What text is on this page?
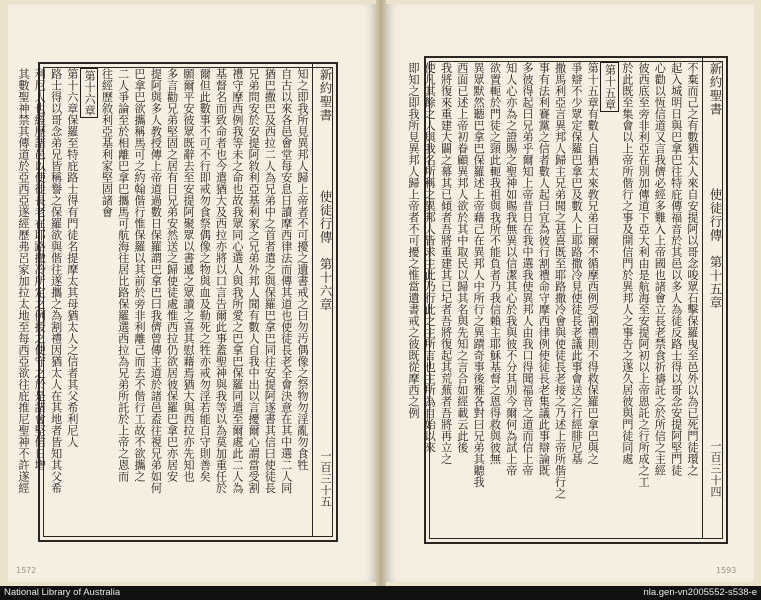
新約聖書
使徒行傳　第十六章
一百三十五
知之即我所見異邦人歸上帝者不可擾之遺書戒之曰勿汚偶像之祭物勿淫亂勿食牲
自古以來各邑會堂每安息日讀摩西律法而傳其道也使徒長老全會決意在其中選二人同
猶巴撒巴及西拉二人為兄弟中之首者遣之與保羅巴拿巴同往安提阿遂書其信曰使徒長
兄弟問安於安提阿敘利亞基利家之兄弟外邦人聞有數人自我中出以言擾爾心謂當受割
禮守摩西例我等未之命也故我眾同心選人與我所愛之巴拿巴保羅同遣至爾處此二人為
基督名而致命者也今遣猶大及西拉亦將以口言告爾此事蓋聖神與我等以為莫加重任於
爾但此數事不可不行即戒勿食祭偶像之物與血及勒死之牲亦戒勿淫若能自守則善矣
願爾平安彼眾既辭去至安提阿聚眾以書遞之眾讀之喜其慰藉焉猶大與西拉亦先知也
多言勸兄弟堅固之居有日兄弟安然送之歸使徒處惟西拉仍欲居彼保羅巴拿巴亦居安
提阿與多人教授傳上帝道過數日保羅謂巴拿巴曰我儕曾傳主道於諸邑盍往視兄弟如何
巴拿巴欲攜稱馬可之約翰偕行惟保羅以其前於旁非利離己而去不偕行工故不欲攜之
二人爭論至於相離巴拿巴攜馬可航海往居比路保羅選西拉為兄弟所託於上帝之恩而
往經歷敘利亞基利家堅固諸會
第十六章
第十六章保羅至特庇路士得有門徒名提摩太其母猶太人之信者其父希利尼人
路士得以哥念弟兄皆稱譽之保羅欲與偕往遂攜之為割禮因猶太人在其地者皆知其父希
利尼人也經歷諸邑以使徒長老在耶路撒冷所定之例授之使守之於是諸會堅信日增
其數聖神禁其傳道於亞西亞遂經歷弗呂家加拉太地至每西亞欲往庇推尼聖神不許遂經
1572
新約聖書
使徒行傳　第十五章
一百三十四
不棄而己之有數猶太人來自安提阿以哥念唆眾石擊保羅曳至邑外以為已死門徒環之
起入城明日與巴拿巴往特庇傳福音於其邑以多人為徒反路士得以哥念安提阿堅門徒
心勸以恆信道又言我儕必經多難入上帝國也諸會立長老禁食祈禱託之於所信之主經
彼西底至旁非利亞在別加傳道下亞大利由是航海至安提阿初以上帝恩託之行所成之工
於此既至集會以上帝所偕行之事及開信門於異邦人之事告之遂久居彼與門徒同處
第十五章
第十五章有數人自猶太來教兄弟曰爾不循摩西例受割禮則不得救保羅巴拿巴與之
爭辯不少眾定保羅巴拿巴及數人上耶路撒冷見使徒長老議此事會送之行經腓尼基
撒馬利亞言異邦人歸主兄弟聞之甚喜既至耶路撒冷會與使徒長老接之乃述上帝所偕行之
事有法利賽黨之信者數人起曰宜為彼行割禮命守摩西律例使徒長老集議此事辯論既
多彼得起曰兄弟乎爾知上帝昔日在我中選我使異邦人由我口得聞福音之道而信上帝
知人心亦為之證賜之聖神如賜我無異以信潔其心於我與彼不分其別今爾何為試上帝
欲置軛於門徒之頸此軛我祖與我所不能負者乃我信賴主耶穌基督之恩得救與彼無
異眾默然聽巴拿巴保羅述上帝藉己在異邦人中所行之異蹟奇事後雅各對曰兄弟其聽我
西面已述上帝初眷顧異邦人欲於其中取民以歸其名與先知之言合如經載云此後
我將復來重建大闢之幕其已傾者吾將重建其已圮者吾將復起其荒蕪者吾將再立之
使凡其餘之人與我名所稱之異邦人皆求主此乃行此之主所言也主所為自始以來
即知之即我所見異邦人歸上帝者不可擾之惟當遺書戒之彼既從摩西之例
1593
National Library of Australia	nla.gen-vn2005552-s538-e
